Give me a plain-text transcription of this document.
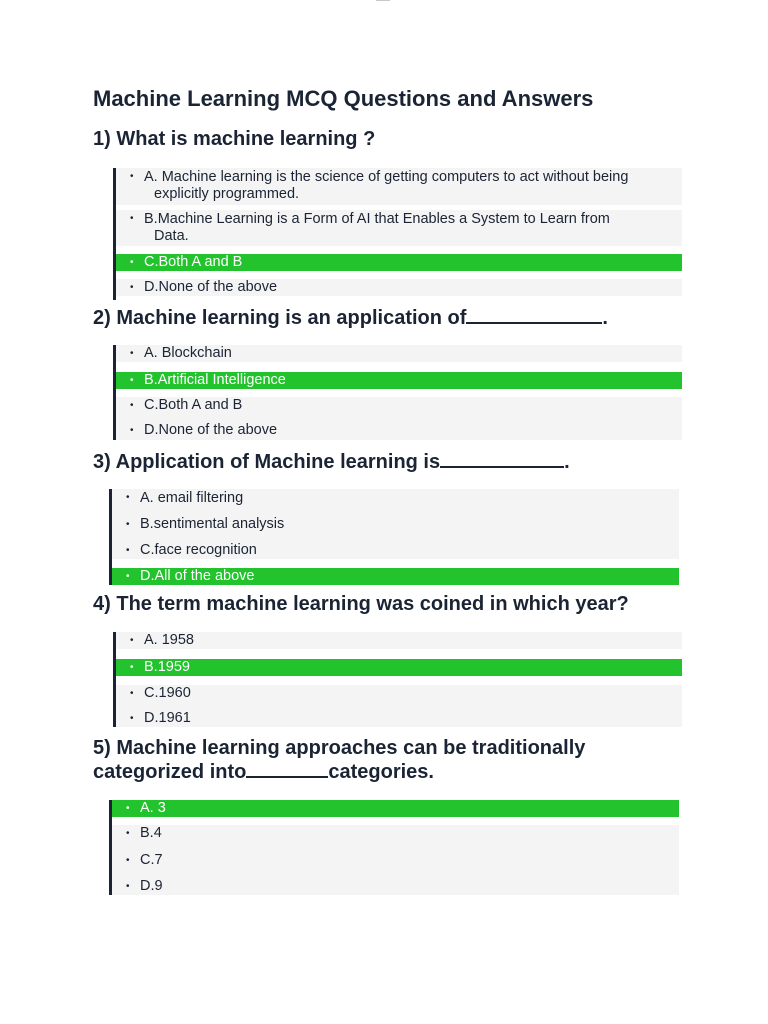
Machine Learning MCQ Questions and Answers
1) What is machine learning ?
• A. Machine learning is the science of getting computers to act without being
explicitly programmed.
• B.Machine Learning is a Form of AI that Enables a System to Learn from
Data.
• C.Both A and B
• D.None of the above
2) Machine learning is an application of	.
• A. Blockchain
• B.Artificial Intelligence
• C.Both A and B
• D.None of the above
3) Application of Machine learning is	.
• A. email filtering
• B.sentimental analysis
• C.face recognition
• D.All of the above
4) The term machine learning was coined in which year?
• A. 1958
• B.1959
• C.1960
• D.1961
5) Machine learning approaches can be traditionally
categorized into	categories.
• A. 3
• B.4
• C.7
• D.9
